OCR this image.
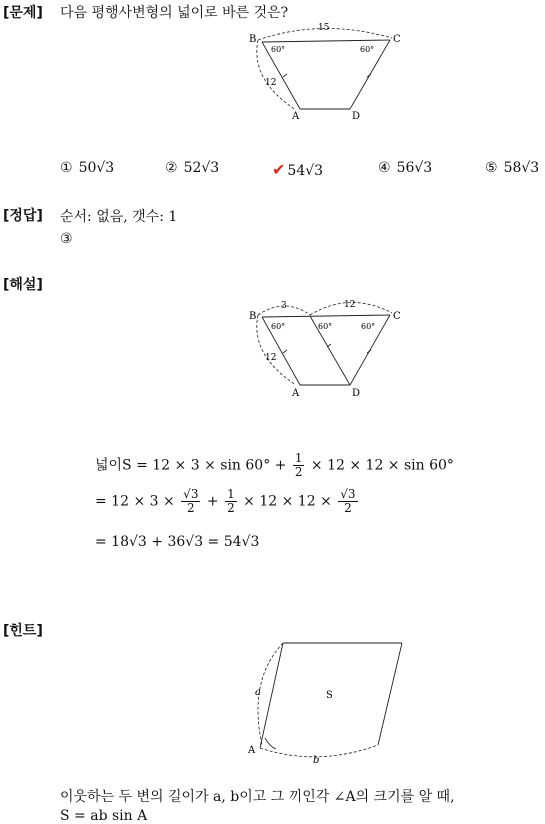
[문제] 다음 평행사변형의 넓이로 바른 것은?
B	C
A	D
15
12
60°	60°
① 50√3	② 52√3	✔ 54√3	④ 56√3	⑤ 58√3
[정답] 순서: 없음, 갯수: 1
③
[해설]
B	C
A	D
3	12
12
60°	60°	60°
넓이$S = 12 \times 3 \times \sin 60^\circ + \frac{1}{2} \times 12 \times 12 \times \sin 60^\circ$
= $12 \times 3 \times \frac{√3}{2} + \frac{1}{2} \times 12 \times 12 \times \frac{√3}{2}$
= 18√3 + 36√3 = 54√3
[힌트]
S
A
a
b
이웃하는 두 변의 길이가 a, b이고 그 끼인각 ∠A의 크기를 알 때,
S = ab sin A
